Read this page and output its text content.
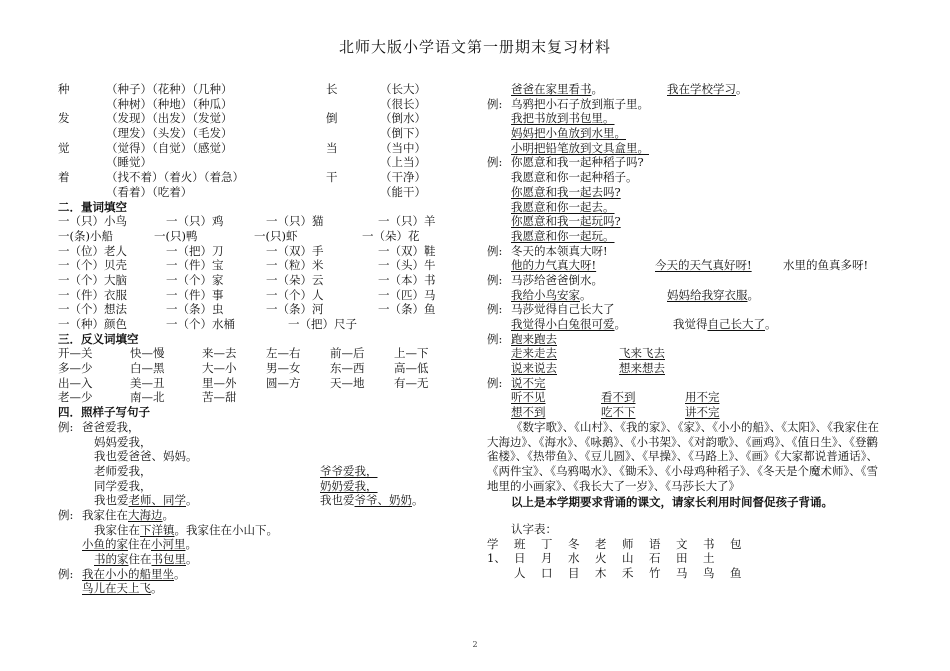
北师大版小学语文第一册期末复习材料
种	（种子）（花种）（几种）	长	（长大）
（种树）（种地）（种瓜）	（很长）
发	（发现）（出发）（发觉）	倒	（倒水）
（理发）（头发）（毛发）	（倒下）
觉	（觉得）（自觉）（感觉）	当	（当中）
（睡觉）	（上当）
着	（找不着）（着火）（着急）	干	（干净）
（看着）（吃着）	（能干）
二．量词填空
一（只）小鸟	一（只）鸡	一（只）猫	一（只）羊
一(条)小船	一(只)鸭	一(只)虾	一（朵）花
一（位）老人	一（把）刀	一（双）手	一（双）鞋
一（个）贝壳	一（件）宝	一（粒）米	一（头）牛
一（个）大脑	一（个）家	一（朵）云	一（本）书
一（件）衣服	一（件）事	一（个）人	一（匹）马
一（个）想法	一（条）虫	一（条）河	一（条）鱼
一（种）颜色	一（个）水桶	一（把）尺子
三．反义词填空
开—关	快—慢	来—去	左—右	前—后	上—下
多—少	白—黑	大—小	男—女	东—西	高—低
出—入	美—丑	里—外	圆—方	天—地	有—无
老—少	南—北	苦—甜
四．照样子写句子
例: 爸爸爱我，
妈妈爱我，
我也爱爸爸、妈妈。
老师爱我，	爷爷爱我，
同学爱我，	奶奶爱我，
我也爱老师、同学。	我也爱爷爷、奶奶。
例: 我家住在大海边。
我家住在下洋镇。我家住在小山下。
小鱼的家住在小河里。
书的家住在书包里。
例: 我在小小的船里坐。
鸟儿在天上飞。
爸爸在家里看书。	我在学校学习。
例: 乌鸦把小石子放到瓶子里。
我把书放到书包里。
妈妈把小鱼放到水里。
小明把铅笔放到文具盒里。
例: 你愿意和我一起种稻子吗?
我愿意和你一起种稻子。
你愿意和我一起去吗?
我愿意和你一起去。
你愿意和我一起玩吗?
我愿意和你一起玩。
例: 冬天的本领真大呀!
他的力气真大呀!	今天的天气真好呀!	水里的鱼真多呀!
例: 马莎给爸爸倒水。
我给小鸟安家。	妈妈给我穿衣服。
例: 马莎觉得自己长大了
我觉得小白兔很可爱。	我觉得自己长大了。
例: 跑来跑去
走来走去	飞来飞去
说来说去	想来想去
例: 说不完
听不见	看不到	用不完
想不到	吃不下	讲不完
《数字歌》、《山村》、《我的家》、《家》、《小小的船》、《太阳》、《我家住在大海边》、《海水》、《咏鹅》、《小书架》、《对韵歌》、《画鸡》、《值日生》、《登鹳雀楼》、《热带鱼》、《豆儿圆》、《早操》、《马路上》、《画》《大家都说普通话》、《两件宝》、《乌鸦喝水》、《锄禾》、《小母鸡种稻子》、《冬天是个魔术师》、《雪地里的小画家》、《我长大了一岁》、《马莎长大了》
以上是本学期要求背诵的课文，请家长利用时间督促孩子背诵。
认字表：
学 班 丁 冬 老 师 语 文 书 包
1、 日 月 水 火 山 石 田 土
人 口 目 木 禾 竹 马 鸟 鱼
2
